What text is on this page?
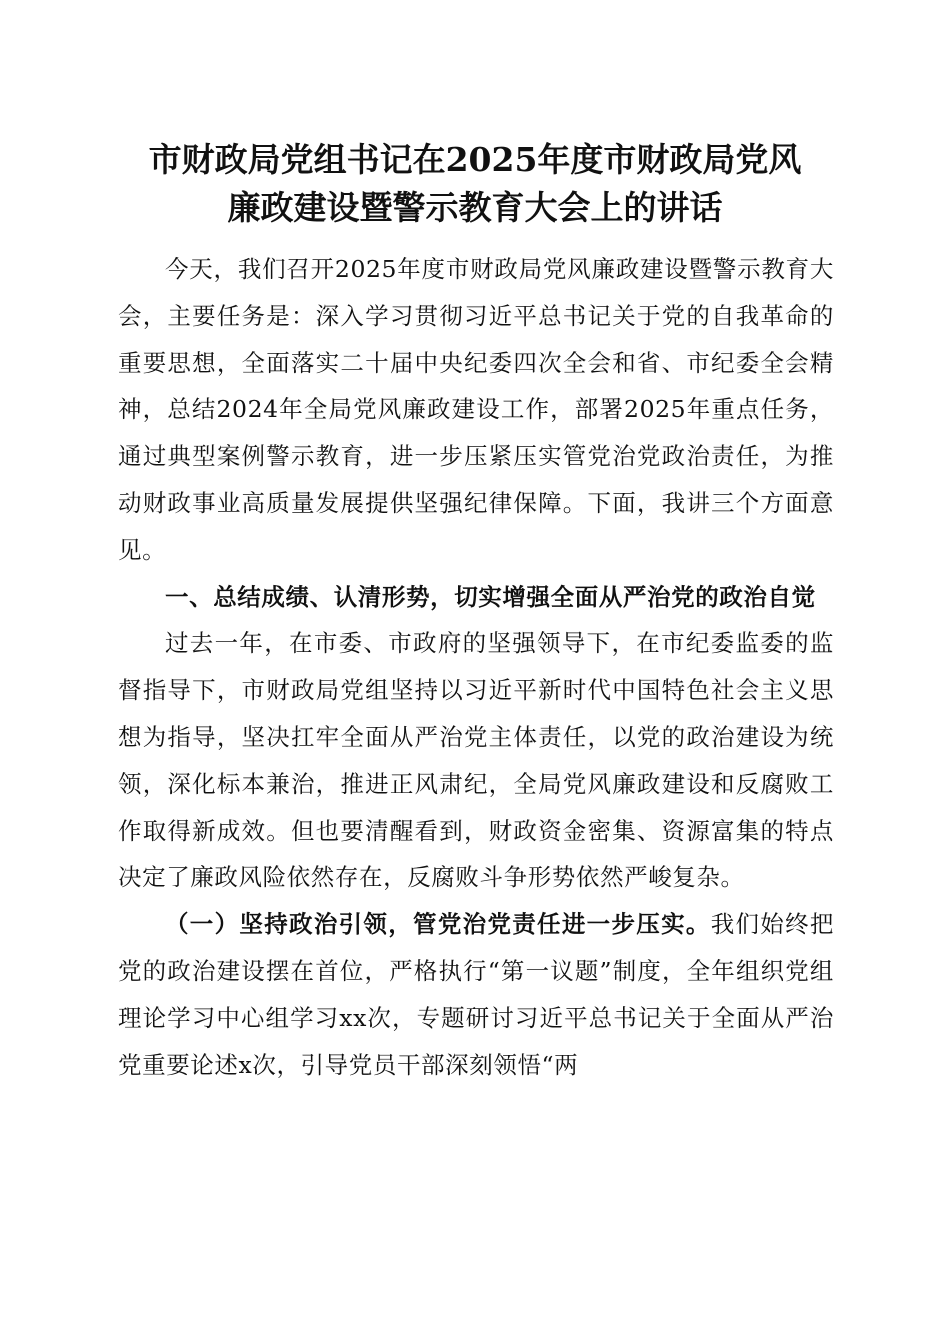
市财政局党组书记在2025年度市财政局党风
廉政建设暨警示教育大会上的讲话

今天，我们召开2025年度市财政局党风廉政建设暨警示教育大会，主要任务是：深入学习贯彻习近平总书记关于党的自我革命的重要思想，全面落实二十届中央纪委四次全会和省、市纪委全会精神，总结2024年全局党风廉政建设工作，部署2025年重点任务，通过典型案例警示教育，进一步压紧压实管党治党政治责任，为推动财政事业高质量发展提供坚强纪律保障。下面，我讲三个方面意见。

一、总结成绩、认清形势，切实增强全面从严治党的政治自觉

过去一年，在市委、市政府的坚强领导下，在市纪委监委的监督指导下，市财政局党组坚持以习近平新时代中国特色社会主义思想为指导，坚决扛牢全面从严治党主体责任，以党的政治建设为统领，深化标本兼治，推进正风肃纪，全局党风廉政建设和反腐败工作取得新成效。但也要清醒看到，财政资金密集、资源富集的特点决定了廉政风险依然存在，反腐败斗争形势依然严峻复杂。

（一）坚持政治引领，管党治党责任进一步压实。我们始终把党的政治建设摆在首位，严格执行“第一议题”制度，全年组织党组理论学习中心组学习xx次，专题研讨习近平总书记关于全面从严治党重要论述x次，引导党员干部深刻领悟“两
